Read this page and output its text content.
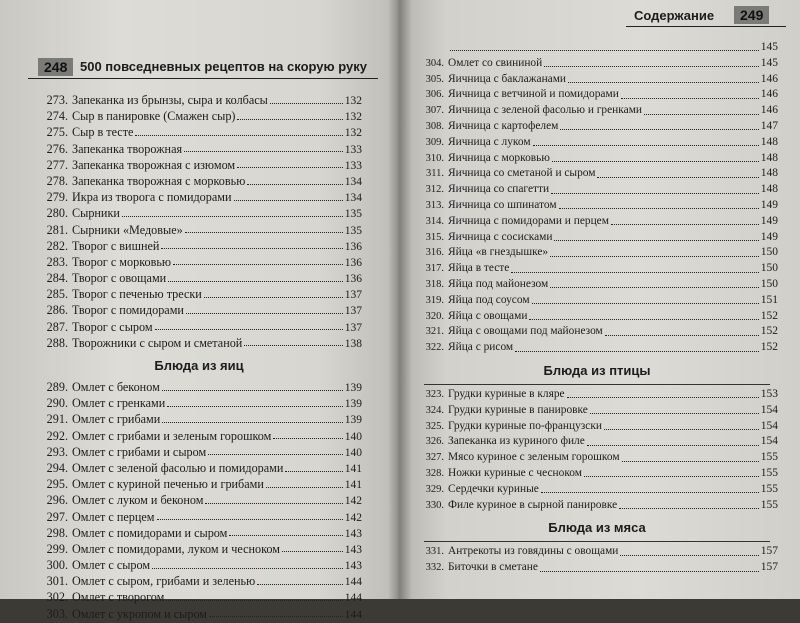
248 500 повседневных рецептов на скорую руку
273. Запеканка из брынзы, сыра и колбасы	132
274. Сыр в панировке (Смажен сыр)	132
275. Сыр в тесте	132
276. Запеканка творожная	133
277. Запеканка творожная с изюмом	133
278. Запеканка творожная с морковью	134
279. Икра из творога с помидорами	134
280. Сырники	135
281. Сырники «Медовые»	135
282. Творог с вишней	136
283. Творог с морковью	136
284. Творог с овощами	136
285. Творог с печенью трески	137
286. Творог с помидорами	137
287. Творог с сыром	137
288. Творожники с сыром и сметаной	138
Блюда из яиц
289. Омлет с беконом	139
290. Омлет с гренками	139
291. Омлет с грибами	139
292. Омлет с грибами и зеленым горошком	140
293. Омлет с грибами и сыром	140
294. Омлет с зеленой фасолью и помидорами	141
295. Омлет с куриной печенью и грибами	141
296. Омлет с луком и беконом	142
297. Омлет с перцем	142
298. Омлет с помидорами и сыром	143
299. Омлет с помидорами, луком и чесноком	143
300. Омлет с сыром	143
301. Омлет с сыром, грибами и зеленью	144
302. Омлет с творогом	144
303. Омлет с укропом и сыром	144
Содержание	249
145
304. Омлет со свининой	145
305. Яичница с баклажанами	146
306. Яичница с ветчиной и помидорами	146
307. Яичница с зеленой фасолью и гренками	146
308. Яичница с картофелем	147
309. Яичница с луком	148
310. Яичница с морковью	148
311. Яичница со сметаной и сыром	148
312. Яичница со спагетти	148
313. Яичница со шпинатом	149
314. Яичница с помидорами и перцем	149
315. Яичница с сосисками	149
316. Яйца «в гнездышке»	150
317. Яйца в тесте	150
318. Яйца под майонезом	150
319. Яйца под соусом	151
320. Яйца с овощами	152
321. Яйца с овощами под майонезом	152
322. Яйца с рисом	152
Блюда из птицы
323. Грудки куриные в кляре	153
324. Грудки куриные в панировке	154
325. Грудки куриные по-французски	154
326. Запеканка из куриного филе	154
327. Мясо куриное с зеленым горошком	155
328. Ножки куриные с чесноком	155
329. Сердечки куриные	155
330. Филе куриное в сырной панировке	155
Блюда из мяса
331. Антрекоты из говядины с овощами	157
332. Биточки в сметане	157
